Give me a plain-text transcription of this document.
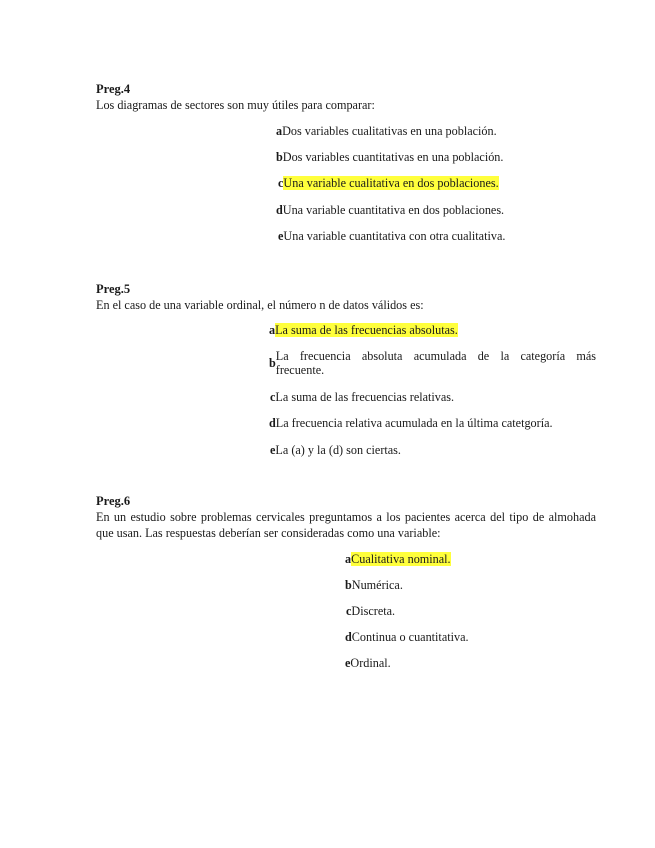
Preg.4
Los diagramas de sectores son muy útiles para comparar:
a Dos variables cualitativas en una población.
b Dos variables cuantitativas en una población.
c Una variable cualitativa en dos poblaciones.
d Una variable cuantitativa en dos poblaciones.
e Una variable cuantitativa con otra cualitativa.
Preg.5
En el caso de una variable ordinal, el número n de datos válidos es:
a La suma de las frecuencias absolutas.
b La frecuencia absoluta acumulada de la categoría más frecuente.
c La suma de las frecuencias relativas.
d La frecuencia relativa acumulada en la última catetgoría.
e La (a) y la (d) son ciertas.
Preg.6
En un estudio sobre problemas cervicales preguntamos a los pacientes acerca del tipo de almohada que usan. Las respuestas deberían ser consideradas como una variable:
a Cualitativa nominal.
b Numérica.
c Discreta.
d Continua o cuantitativa.
e Ordinal.
